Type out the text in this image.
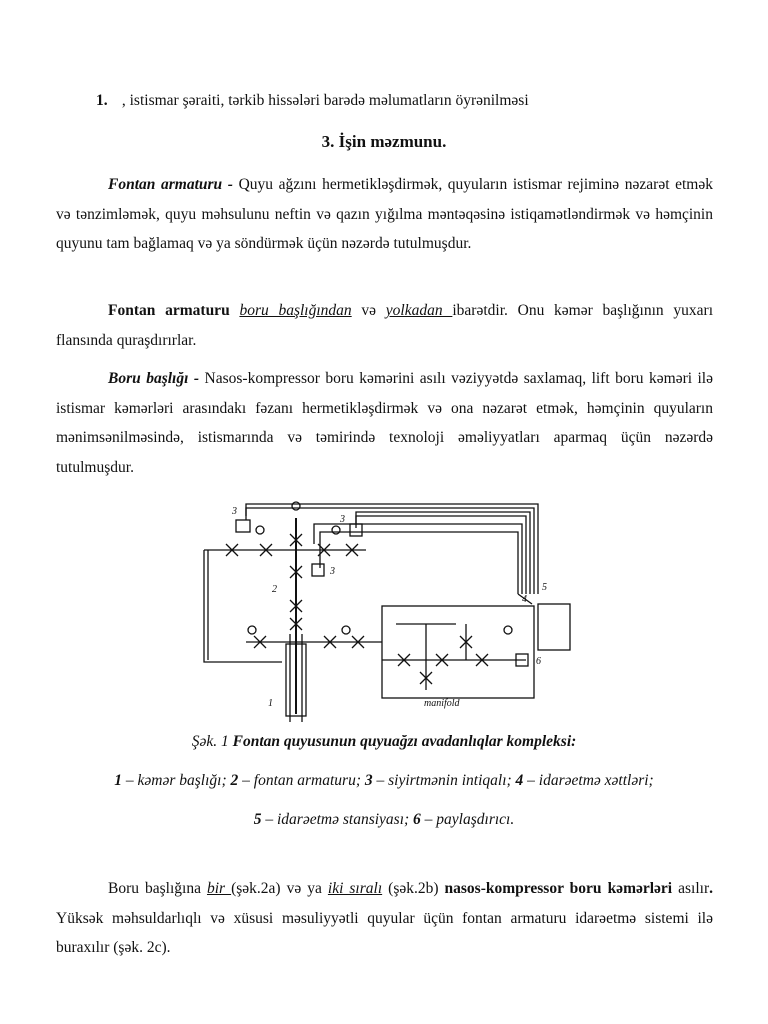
1. , istismar şəraiti, tərkib hissələri barədə məlumatların öyrənilməsi
3. İşin məzmunu.

Fontan armaturu - Quyu ağzını hermetikləşdirmək, quyuların istismar rejiminə nəzarət etmək və tənzimləmək, quyu məhsulunu neftin və qazın yığılma məntəqəsinə istiqamətləndirmək və həmçinin quyunu tam bağlamaq və ya söndürmək üçün nəzərdə tutulmuşdur.

Fontan armaturu boru başlığından və yolkadan ibarətdir. Onu kəmər başlığının yuxarı flansında quraşdırırlar.

Boru başlığı - Nasos-kompressor boru kəmərini asılı vəziyyətdə saxlamaq, lift boru kəməri ilə istismar kəmərləri arasındakı fəzanı hermetikləşdirmək və ona nəzarət etmək, həmçinin quyuların mənimsənilməsində, istismarında və təmirində texnoloji əməliyyatları aparmaq üçün nəzərdə tutulmuşdur.

3
3
3
2
1
4
5
6
manifold
Şək. 1 Fontan quyusunun quyuağzı avadanlıqlar kompleksi:
1 – kəmər başlığı; 2 – fontan armaturu; 3 – siyirtmənin intiqalı; 4 – idarəetmə xəttləri;
5 – idarəetmə stansiyası; 6 – paylaşdırıcı.

Boru başlığına bir (şək.2a) və ya iki sıralı (şək.2b) nasos-kompressor boru kəmərləri asılır. Yüksək məhsuldarlıqlı və xüsusi məsuliyyətli quyular üçün fontan armaturu idarəetmə sistemi ilə buraxılır (şək. 2c).
